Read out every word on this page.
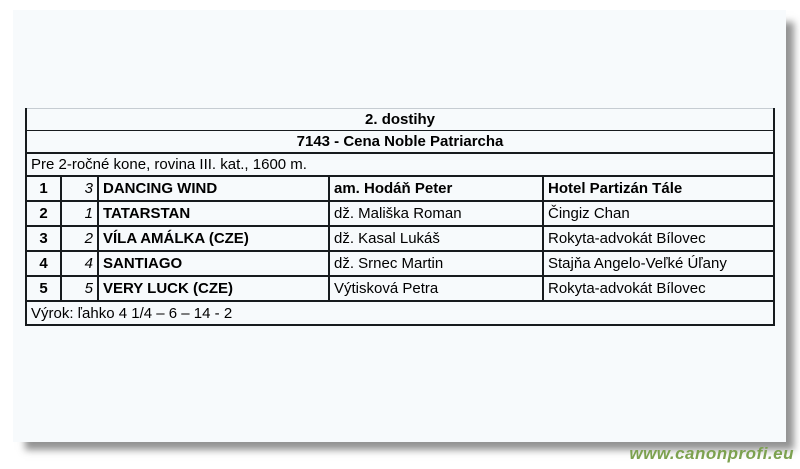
2. dostihy				
7143 - Cena Noble Patriarcha				
Pre 2-ročné kone, rovina III. kat., 1600 m.				
1	3	DANCING WIND	am. Hodáň Peter	Hotel Partizán Tále
2	1	TATARSTAN	dž. Mališka Roman	Čingiz Chan
3	2	VÍLA AMÁLKA (CZE)	dž. Kasal Lukáš	Rokyta-advokát Bílovec
4	4	SANTIAGO	dž. Srnec Martin	Stajňa Angelo-Veľké Úľany
5	5	VERY LUCK (CZE)	Výtisková Petra	Rokyta-advokát Bílovec
Výrok: ľahko 4 1/4 – 6 – 14 - 2				
www.canonprofi.eu
